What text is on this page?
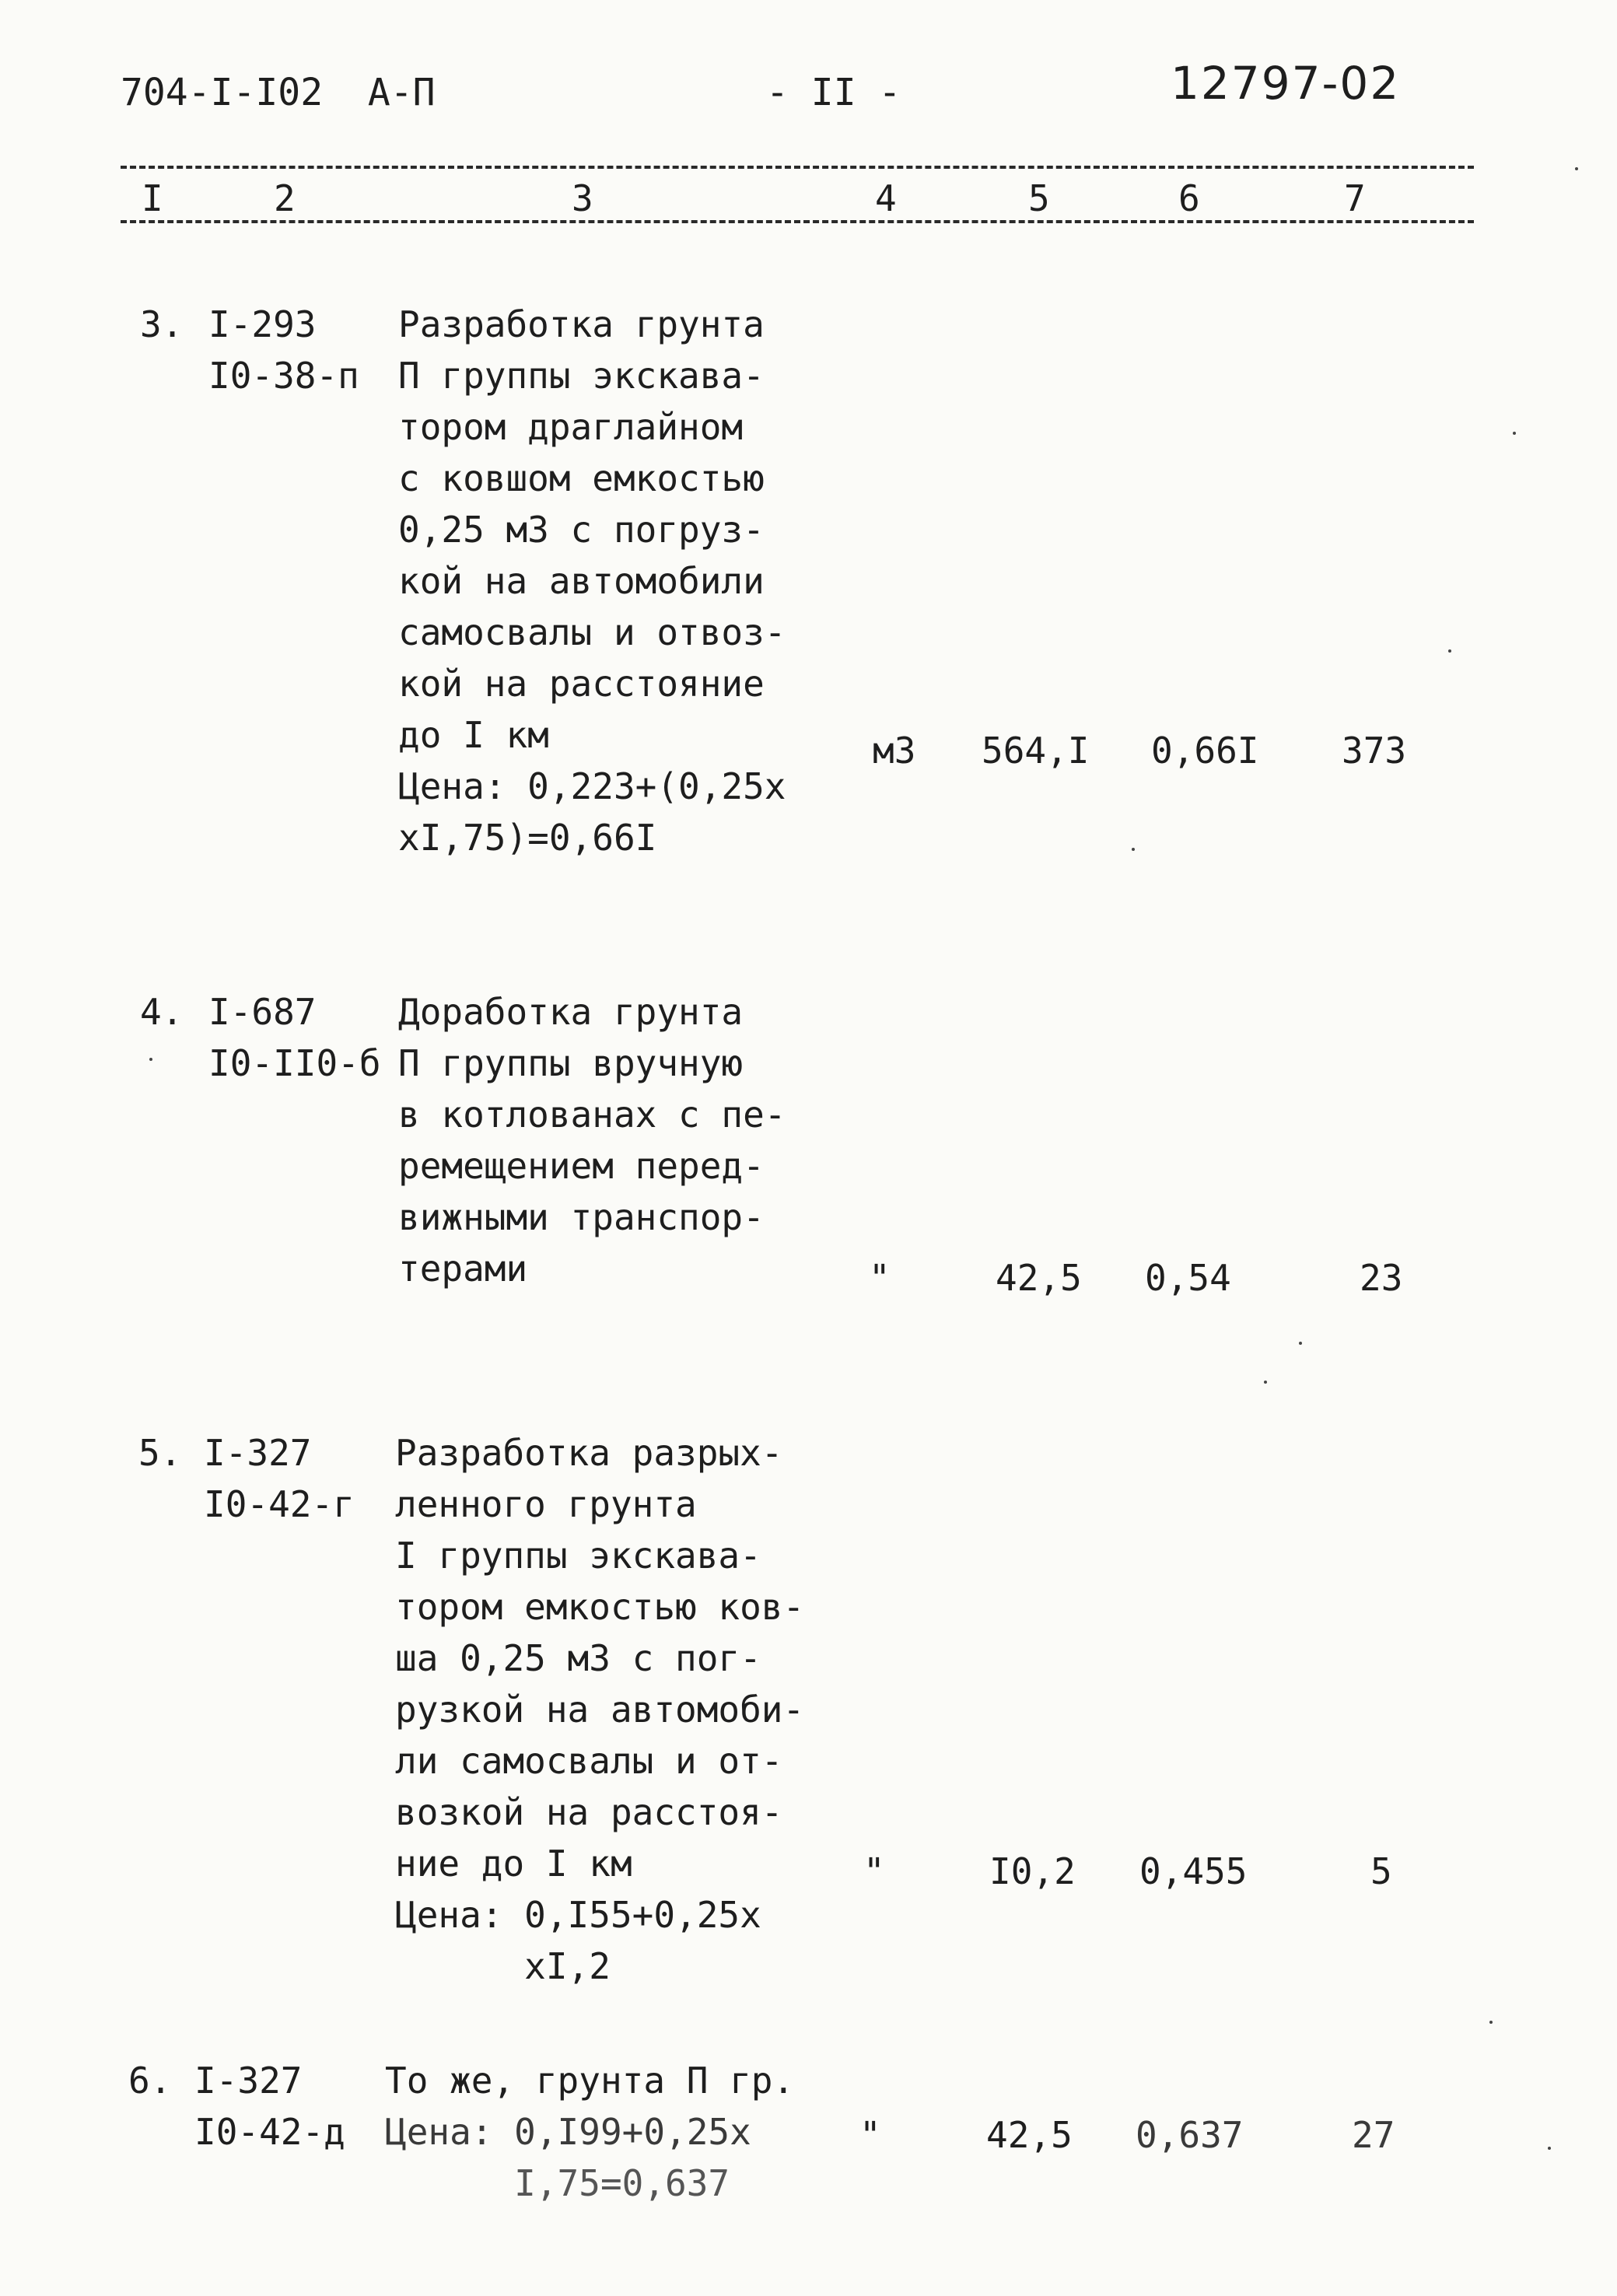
704-I-I02  А-П	- II -	12797-02
I	2	3	4	5	6	7
3. I-293
I0-38-п
Разработка грунта
П группы экскава-
тором драглайном
с ковшом емкостью
0,25 м3 с погруз-
кой на автомобили
самосвалы и отвоз-
кой на расстояние
до I км
Цена: 0,223+(0,25х
хI,75)=0,66I
м3 564,I 0,66I 373
4. I-687
I0-II0-б
Доработка грунта
П группы вручную
в котлованах с пе-
ремещением перед-
вижными транспор-
терами	"	42,5 0,54	23
5. I-327
I0-42-г
Разработка разрых-
ленного грунта
I группы экскава-
тором емкостью ков-
ша 0,25 м3 с пог-
рузкой на автомоби-
ли самосвалы и от-
возкой на расстоя-
ние до I км
Цена: 0,I55+0,25х
хI,2
"	I0,2 0,455	5
6. I-327
I0-42-д
То же, грунта П гр.
Цена: 0,I99+0,25х
I,75=0,637
"	42,5 0,637	27
